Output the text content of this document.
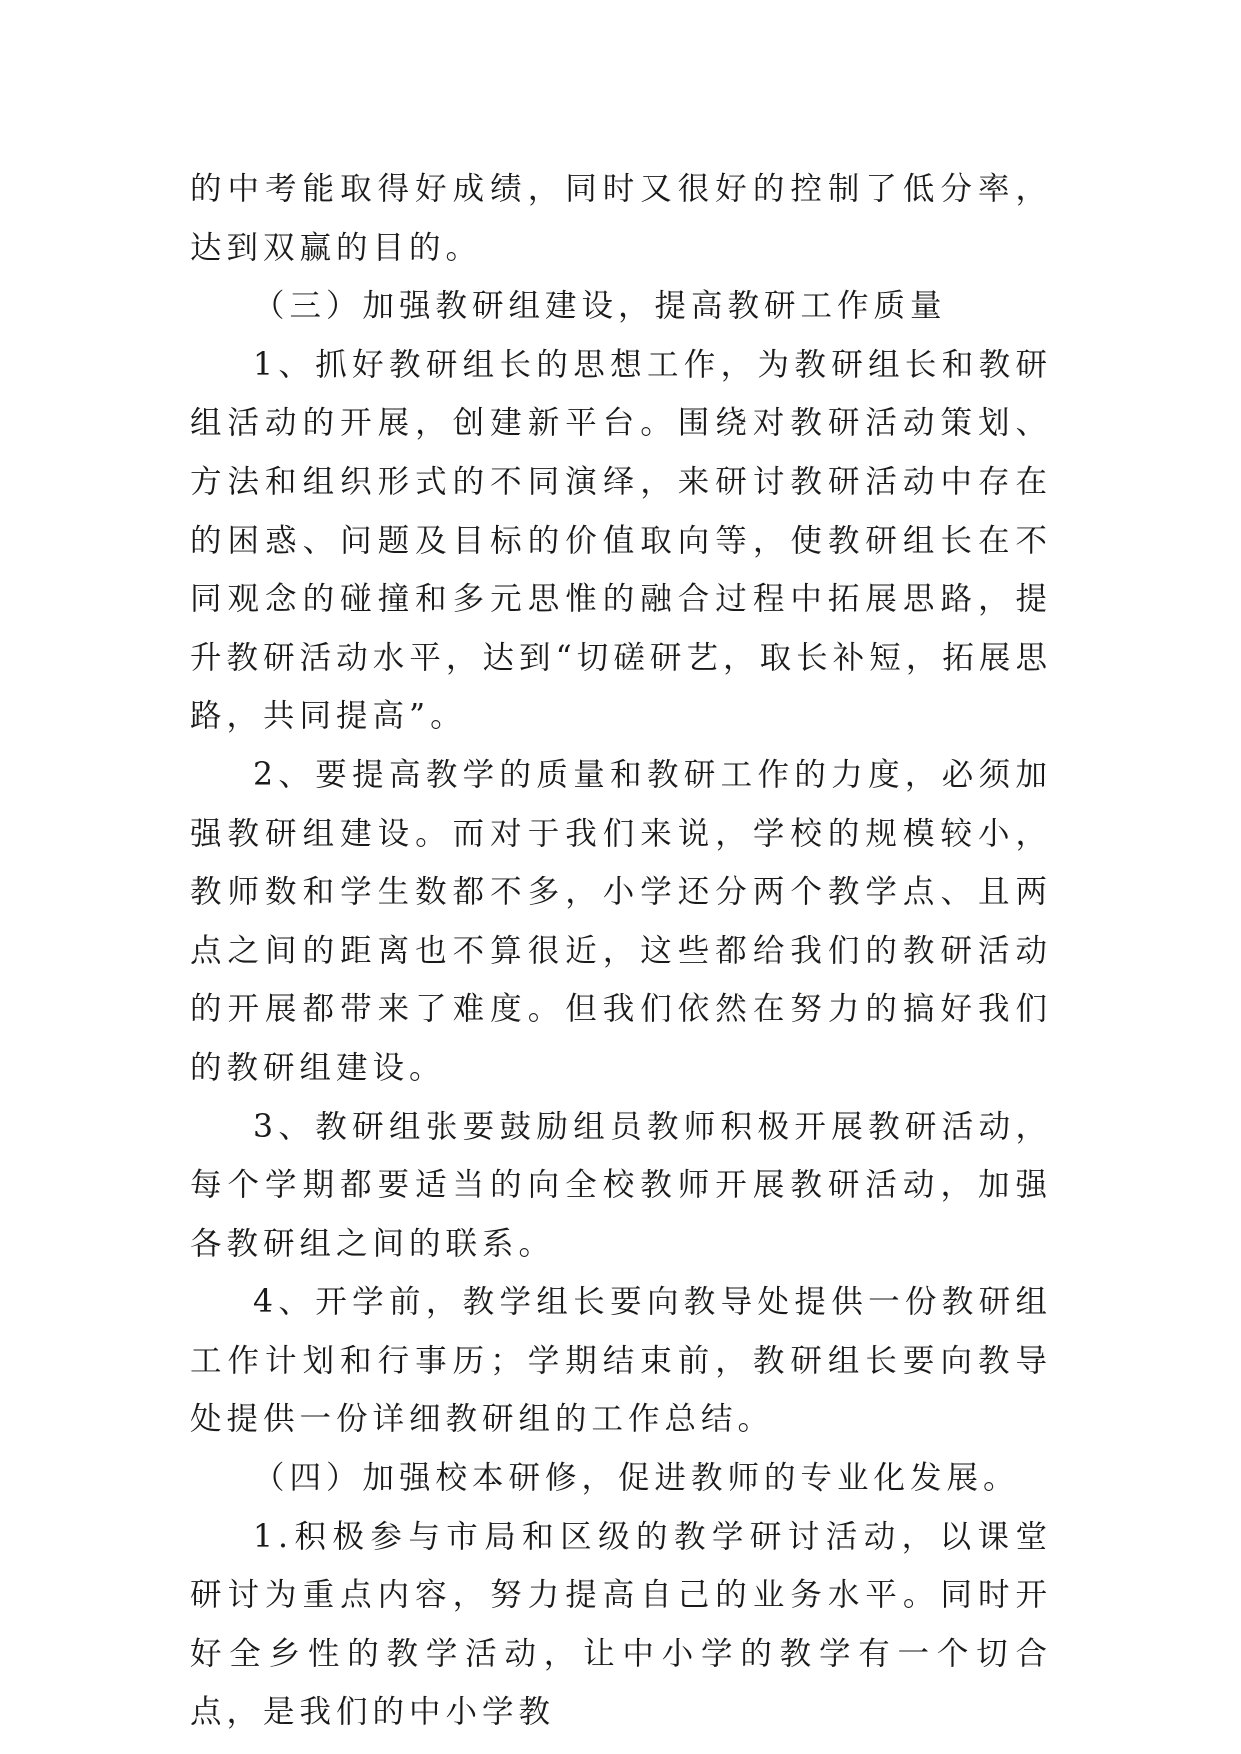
的中考能取得好成绩，同时又很好的控制了低分率，达到双赢的目的。

（三）加强教研组建设，提高教研工作质量

1、抓好教研组长的思想工作，为教研组长和教研组活动的开展，创建新平台。围绕对教研活动策划、方法和组织形式的不同演绎，来研讨教研活动中存在的困惑、问题及目标的价值取向等，使教研组长在不同观念的碰撞和多元思惟的融合过程中拓展思路，提升教研活动水平，达到“切磋研艺，取长补短，拓展思路，共同提高”。

2、要提高教学的质量和教研工作的力度，必须加强教研组建设。而对于我们来说，学校的规模较小，教师数和学生数都不多，小学还分两个教学点、且两点之间的距离也不算很近，这些都给我们的教研活动的开展都带来了难度。但我们依然在努力的搞好我们的教研组建设。

3、教研组张要鼓励组员教师积极开展教研活动，每个学期都要适当的向全校教师开展教研活动，加强各教研组之间的联系。

4、开学前，教学组长要向教导处提供一份教研组工作计划和行事历；学期结束前，教研组长要向教导处提供一份详细教研组的工作总结。

（四）加强校本研修，促进教师的专业化发展。

1.积极参与市局和区级的教学研讨活动，以课堂研讨为重点内容，努力提高自己的业务水平。同时开好全乡性的教学活动，让中小学的教学有一个切合点，是我们的中小学教
